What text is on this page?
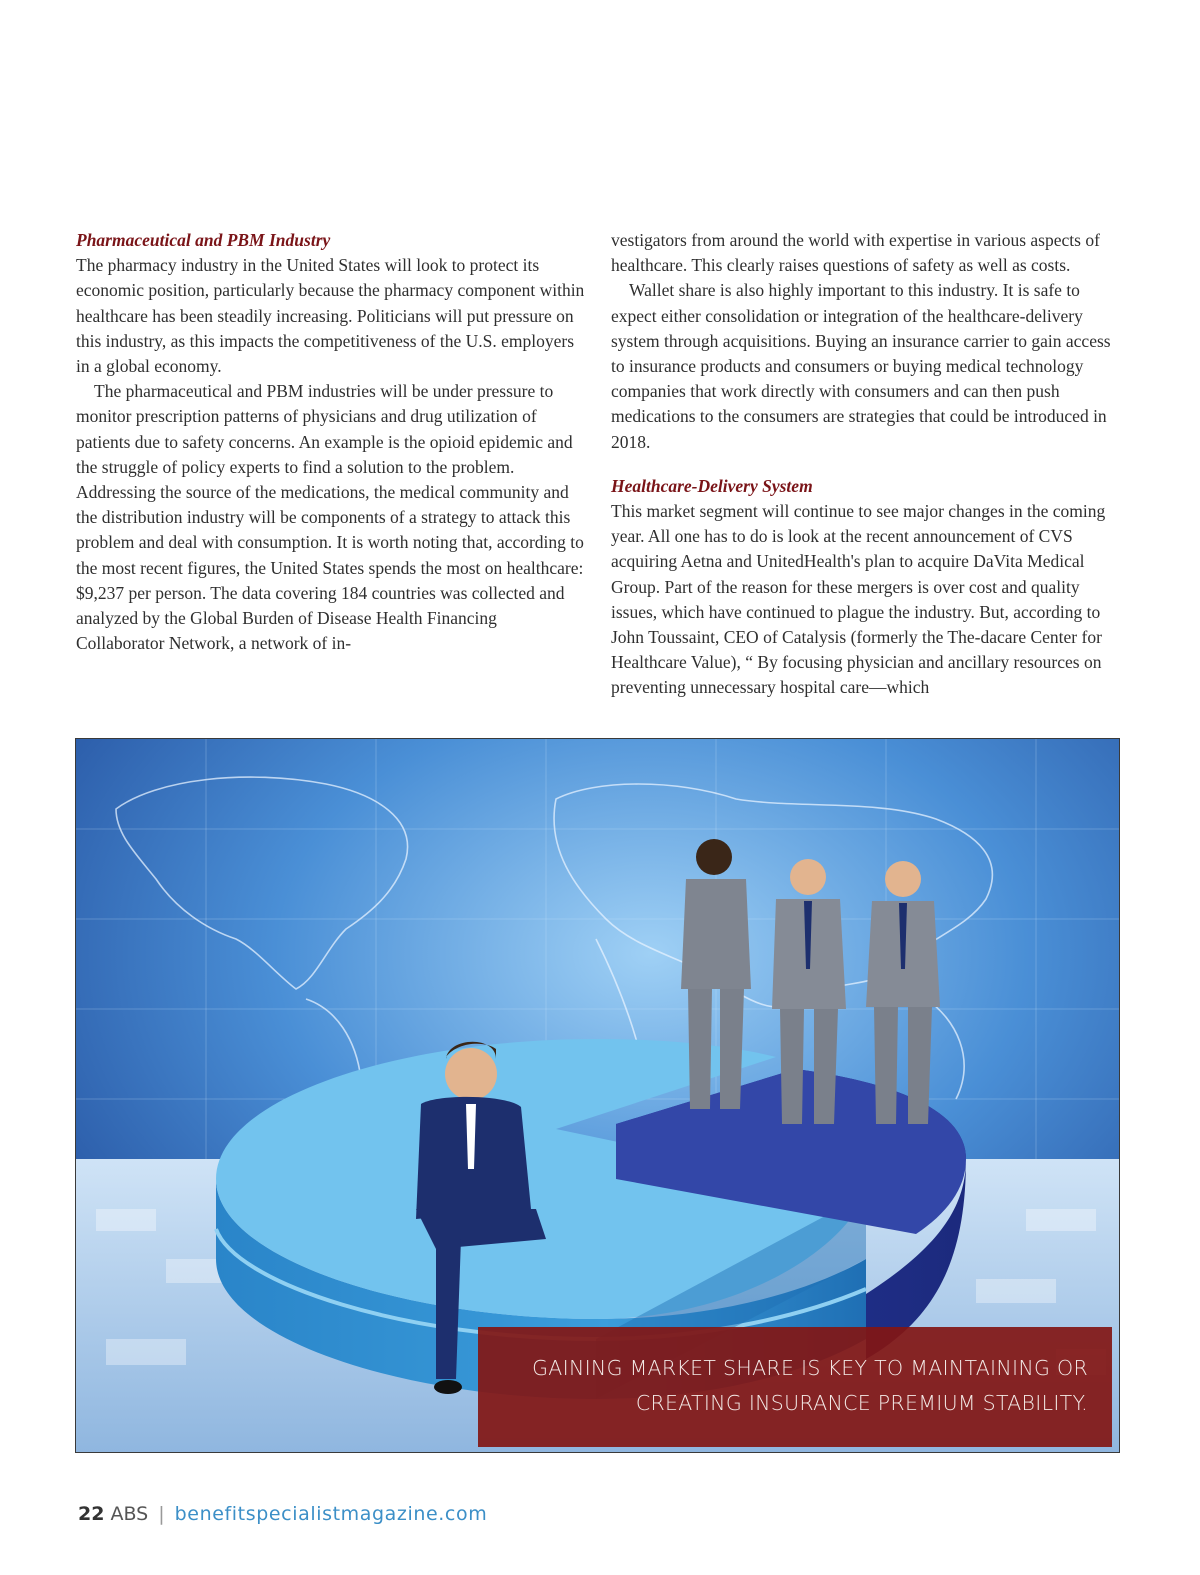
Pharmaceutical and PBM Industry

The pharmacy industry in the United States will look to protect its economic position, particularly because the pharmacy component within healthcare has been steadily increasing. Politicians will put pressure on this industry, as this impacts the competitiveness of the U.S. employers in a global economy.

The pharmaceutical and PBM industries will be under pressure to monitor prescription patterns of physicians and drug utilization of patients due to safety concerns. An example is the opioid epidemic and the struggle of policy experts to find a solution to the problem. Addressing the source of the medications, the medical community and the distribution industry will be components of a strategy to attack this problem and deal with consumption. It is worth noting that, according to the most recent figures, the United States spends the most on healthcare: $9,237 per person. The data covering 184 countries was collected and analyzed by the Global Burden of Disease Health Financing Collaborator Network, a network of in-

vestigators from around the world with expertise in various aspects of healthcare. This clearly raises questions of safety as well as costs.

Wallet share is also highly important to this industry. It is safe to expect either consolidation or integration of the healthcare-delivery system through acquisitions. Buying an insurance carrier to gain access to insurance products and consumers or buying medical technology companies that work directly with consumers and can then push medications to the consumers are strategies that could be introduced in 2018.

Healthcare-Delivery System

This market segment will continue to see major changes in the coming year. All one has to do is look at the recent announcement of CVS acquiring Aetna and UnitedHealth's plan to acquire DaVita Medical Group. Part of the reason for these mergers is over cost and quality issues, which have continued to plague the industry. But, according to John Toussaint, CEO of Catalysis (formerly the The-dacare Center for Healthcare Value), “ By focusing physician and ancillary resources on preventing unnecessary hospital care—which

GAINING MARKET SHARE IS KEY TO MAINTAINING OR
CREATING INSURANCE PREMIUM STABILITY.
22 ABS | benefitspecialistmagazine.com
